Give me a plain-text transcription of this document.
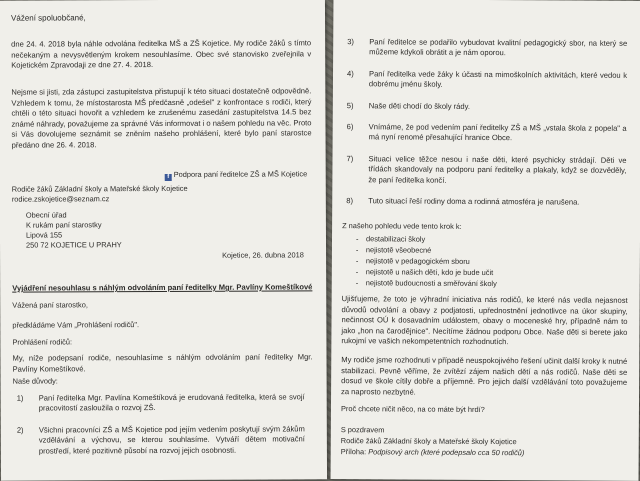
Vážení spoluobčané,

dne 24. 4. 2018 byla náhle odvolána ředitelka MŠ a ZŠ Kojetice. My rodiče žáků s tímto nečekaným a nevysvětleným krokem nesouhlasíme. Obec své stanovisko zveřejnila v Kojetickém Zpravodaji ze dne 27. 4. 2018.

Nejsme si jisti, zda zástupci zastupitelstva přistupují k této situaci dostatečně odpovědně. Vzhledem k tomu, že místostarosta MŠ předčasně „odešel" z konfrontace s rodiči, který chtěli o této situaci hovořit a vzhledem ke zrušenému zasedání zastupitelstva 14.5 bez známé náhrady, považujeme za správné Vás informovat i o našem pohledu na věc. Proto si Vás dovolujeme seznámit se zněním našeho prohlášení, které bylo paní starostce předáno dne 26. 4. 2018.

f Podpora paní ředitelce ZŠ a MŠ Kojetice
Rodiče žáků Základní školy a Mateřské školy Kojetice
rodice.zskojetice@seznam.cz
Obecní úřad
K rukám paní starostky
Lipová 155
250 72 KOJETICE U PRAHY
Kojetice, 26. dubna 2018
Vyjádření nesouhlasu s náhlým odvoláním paní ředitelky Mgr. Pavlíny Komeštíkové
Vážená paní starostko,
předkládáme Vám „Prohlášení rodičů".
Prohlášení rodičů:

My, níže podepsaní rodiče, nesouhlasíme s náhlým odvoláním paní ředitelky Mgr. Pavlíny Komeštíkové.

Naše důvody:
1) Paní ředitelka Mgr. Pavlína Komeštíková je erudovaná ředitelka, která se svojí pracovitostí zasloužila o rozvoj ZŠ.
2) Všichni pracovníci ZŠ a MŠ Kojetice pod jejím vedením poskytují svým žákům vzdělávání a výchovu, se kterou souhlasíme. Vytváří dětem motivační prostředí, které pozitivně působí na rozvoj jejich osobnosti.
3) Paní ředitelce se podařilo vybudovat kvalitní pedagogický sbor, na který se můžeme kdykoli obrátit a je nám oporou.
4) Paní ředitelka vede žáky k účasti na mimoškolních aktivitách, které vedou k dobrému jménu školy.
5) Naše děti chodí do školy rády.
6) Vnímáme, že pod vedením paní ředitelky ZŠ a MŠ „vstala škola z popela" a má nyní renomé přesahující hranice Obce.
7) Situaci velice těžce nesou i naše děti, které psychicky strádají. Děti ve třídách skandovaly na podporu paní ředitelky a plakaly, když se dozvěděly, že paní ředitelka končí.
8) Tuto situací řeší rodiny doma a rodinná atmosféra je narušena.
Z našeho pohledu vede tento krok k:
- destabilizaci školy
- nejistotě všeobecné
- nejistotě v pedagogickém sboru
- nejistotě u našich dětí, kdo je bude učit
- nejistotě budoucnosti a směřování školy

Ujišťujeme, že toto je výhradní iniciativa nás rodičů, ke které nás vedla nejasnost důvodů odvolání a obavy z podjatosti, upřednostnění jednotlivce na úkor skupiny, nečinnost OÚ k dosavadním událostem, obavy o moceneské hry, případně nám to jako „hon na čarodějnice". Necítíme žádnou podporu Obce. Naše děti si berete jako rukojmí ve vašich nekompetentních rozhodnutích.

My rodiče jsme rozhodnuti v případě neuspokojivého řešení učinit další kroky k nutné stabilizaci. Pevně věříme, že zvítězí zájem našich dětí a nás rodičů. Naše děti se dosud ve škole cítily dobře a příjemně. Pro jejich další vzdělávání toto považujeme za naprosto nezbytné.

Proč chcete ničit něco, na co máte být hrdí?
S pozdravem
Rodiče žáků Základní školy a Mateřské školy Kojetice
Příloha: Podpisový arch (které podepsalo cca 50 rodičů)
